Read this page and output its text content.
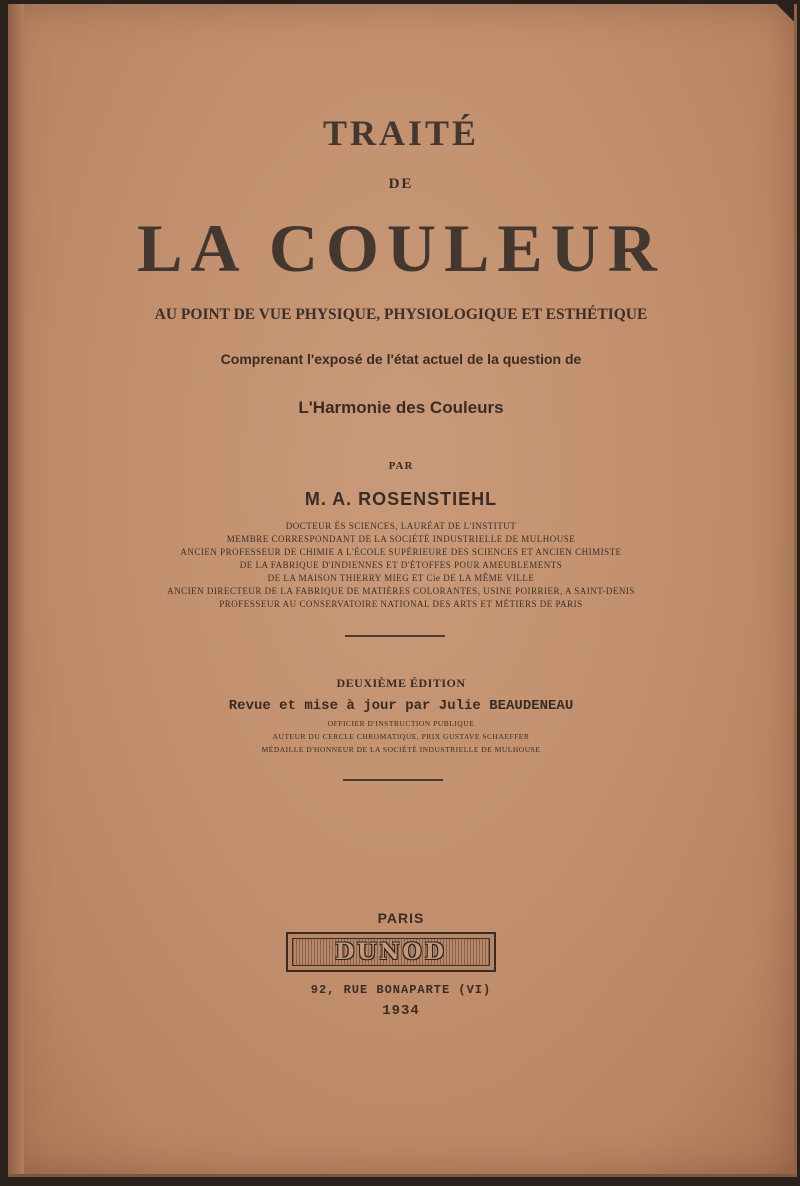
TRAITÉ
DE
LA COULEUR
AU POINT DE VUE PHYSIQUE, PHYSIOLOGIQUE ET ESTHÉTIQUE
Comprenant l'exposé de l'état actuel de la question de
L'Harmonie des Couleurs
PAR
M. A. ROSENSTIEHL
DOCTEUR ÈS SCIENCES, LAURÉAT DE L'INSTITUT
MEMBRE CORRESPONDANT DE LA SOCIÉTÉ INDUSTRIELLE DE MULHOUSE
ANCIEN PROFESSEUR DE CHIMIE A L'ÉCOLE SUPÉRIEURE DES SCIENCES ET ANCIEN CHIMISTE
DE LA FABRIQUE D'INDIENNES ET D'ÉTOFFES POUR AMEUBLEMENTS
DE LA MAISON THIERRY MIEG ET Cie DE LA MÊME VILLE
ANCIEN DIRECTEUR DE LA FABRIQUE DE MATIÈRES COLORANTES, USINE POIRRIER, A SAINT-DENIS
PROFESSEUR AU CONSERVATOIRE NATIONAL DES ARTS ET MÉTIERS DE PARIS
DEUXIÈME ÉDITION
Revue et mise à jour par Julie BEAUDENEAU
OFFICIER D'INSTRUCTION PUBLIQUE
AUTEUR DU CERCLE CHROMATIQUE, PRIX GUSTAVE SCHAEFFER
MÉDAILLE D'HONNEUR DE LA SOCIÉTÉ INDUSTRIELLE DE MULHOUSE
PARIS
DUNOD
92, RUE BONAPARTE (VI)
1934
